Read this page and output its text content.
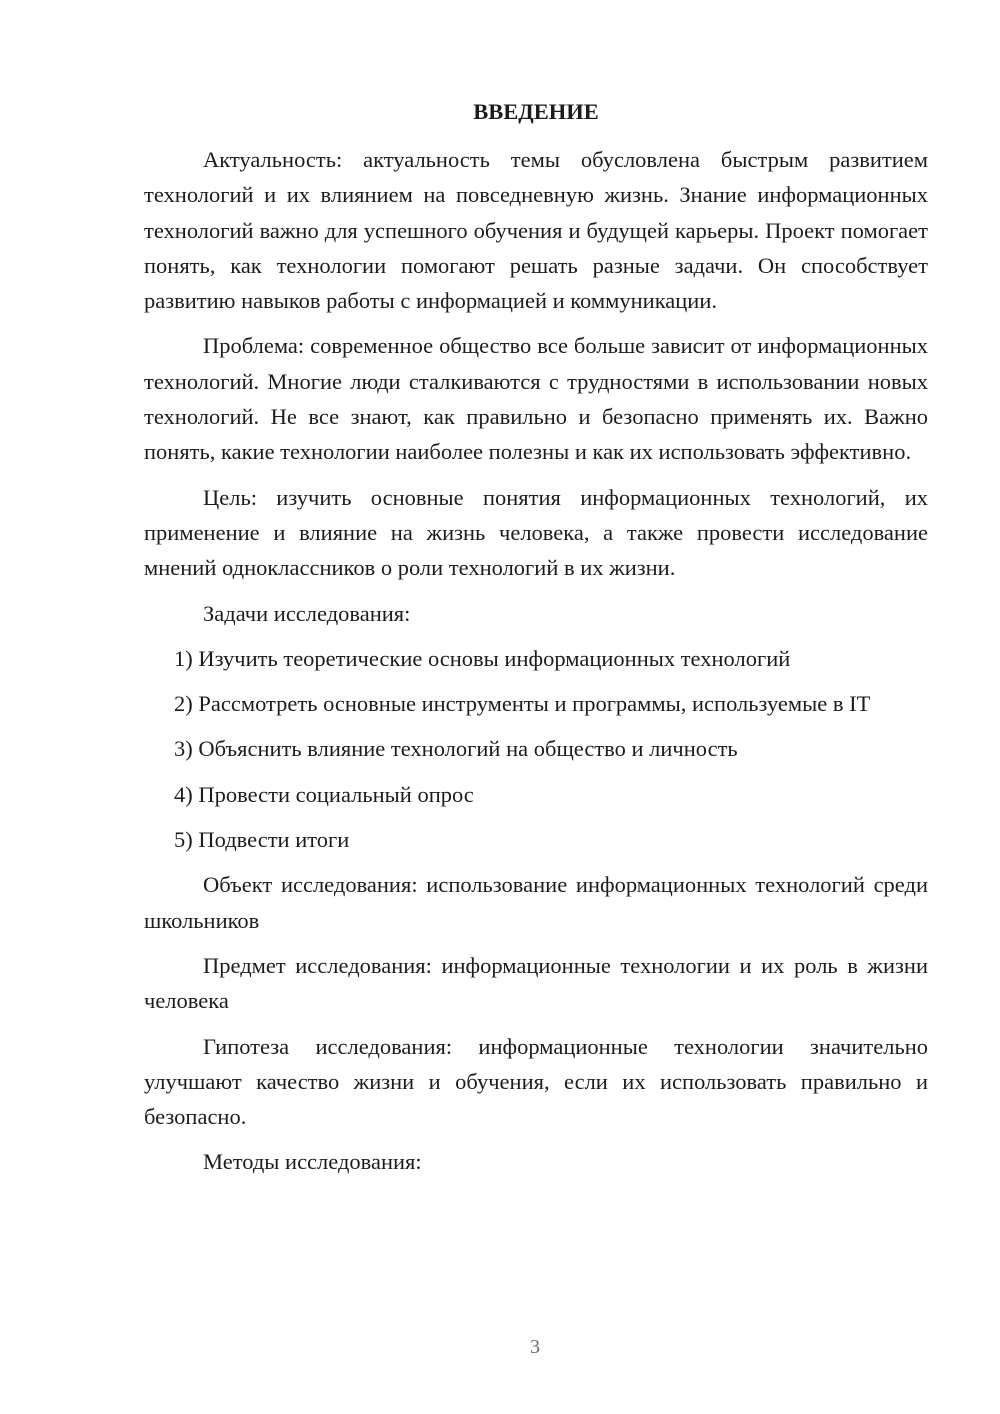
ВВЕДЕНИЕ

Актуальность: актуальность темы обусловлена быстрым развитием технологий и их влиянием на повседневную жизнь. Знание информационных технологий важно для успешного обучения и будущей карьеры. Проект помогает понять, как технологии помогают решать разные задачи. Он способствует развитию навыков работы с информацией и коммуникации.

Проблема: современное общество все больше зависит от информационных технологий. Многие люди сталкиваются с трудностями в использовании новых технологий. Не все знают, как правильно и безопасно применять их. Важно понять, какие технологии наиболее полезны и как их использовать эффективно.

Цель: изучить основные понятия информационных технологий, их применение и влияние на жизнь человека, а также провести исследование мнений одноклассников о роли технологий в их жизни.

Задачи исследования:

1) Изучить теоретические основы информационных технологий

2) Рассмотреть основные инструменты и программы, используемые в IT

3) Объяснить влияние технологий на общество и личность

4) Провести социальный опрос

5) Подвести итоги

Объект исследования: использование информационных технологий среди школьников

Предмет исследования: информационные технологии и их роль в жизни человека

Гипотеза исследования: информационные технологии значительно улучшают качество жизни и обучения, если их использовать правильно и безопасно.

Методы исследования:

3
